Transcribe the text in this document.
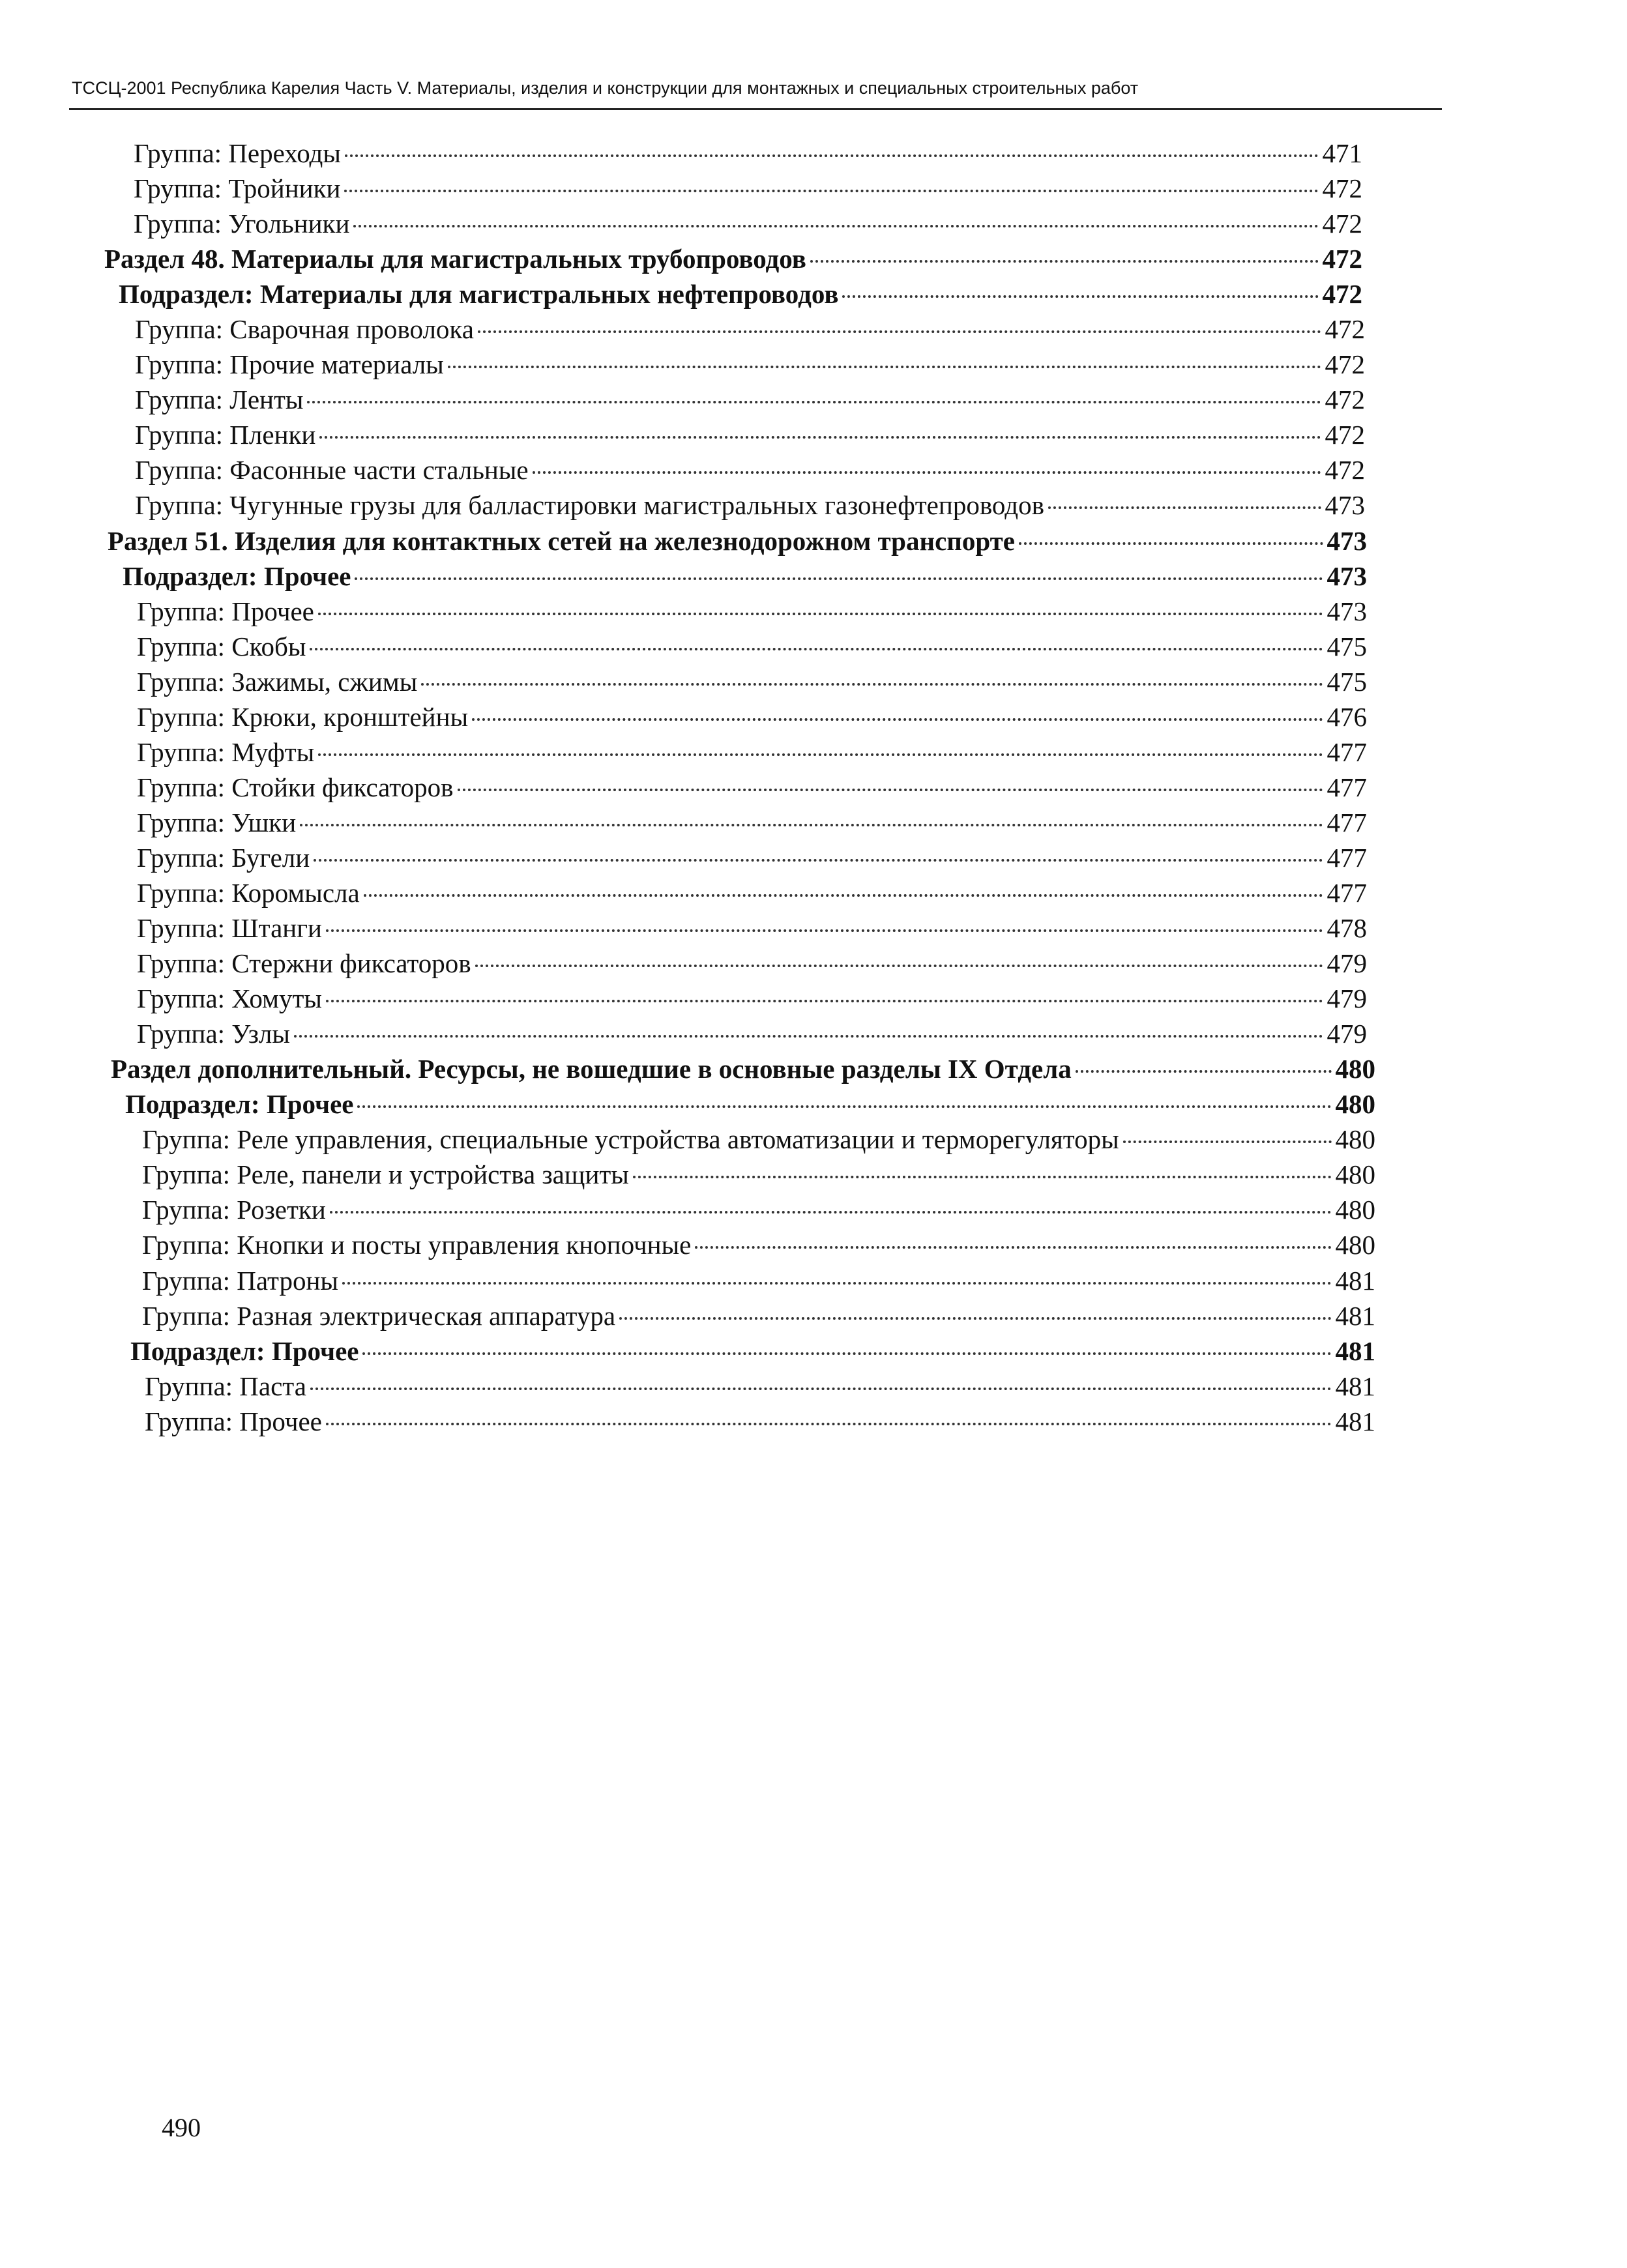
ТССЦ-2001 Республика Карелия Часть V. Материалы, изделия и конструкции для монтажных и специальных строительных работ
Группа: Переходы	471
Группа: Тройники	472
Группа: Угольники	472
Раздел 48. Материалы для магистральных трубопроводов	472
Подраздел: Материалы для магистральных нефтепроводов	472
Группа: Сварочная проволока	472
Группа: Прочие материалы	472
Группа: Ленты	472
Группа: Пленки	472
Группа: Фасонные части стальные	472
Группа: Чугунные грузы для балластировки магистральных газонефтепроводов	473
Раздел 51. Изделия для контактных сетей на железнодорожном транспорте	473
Подраздел: Прочее	473
Группа: Прочее	473
Группа: Скобы	475
Группа: Зажимы, сжимы	475
Группа: Крюки, кронштейны	476
Группа: Муфты	477
Группа: Стойки фиксаторов	477
Группа: Ушки	477
Группа: Бугели	477
Группа: Коромысла	477
Группа: Штанги	478
Группа: Стержни фиксаторов	479
Группа: Хомуты	479
Группа: Узлы	479
Раздел дополнительный. Ресурсы, не вошедшие в основные разделы IX Отдела	480
Подраздел: Прочее	480
Группа: Реле управления, специальные устройства автоматизации и терморегуляторы	480
Группа: Реле, панели и устройства защиты	480
Группа: Розетки	480
Группа: Кнопки и посты управления кнопочные	480
Группа: Патроны	481
Группа: Разная электрическая аппаратура	481
Подраздел: Прочее	481
Группа: Паста	481
Группа: Прочее	481
490
